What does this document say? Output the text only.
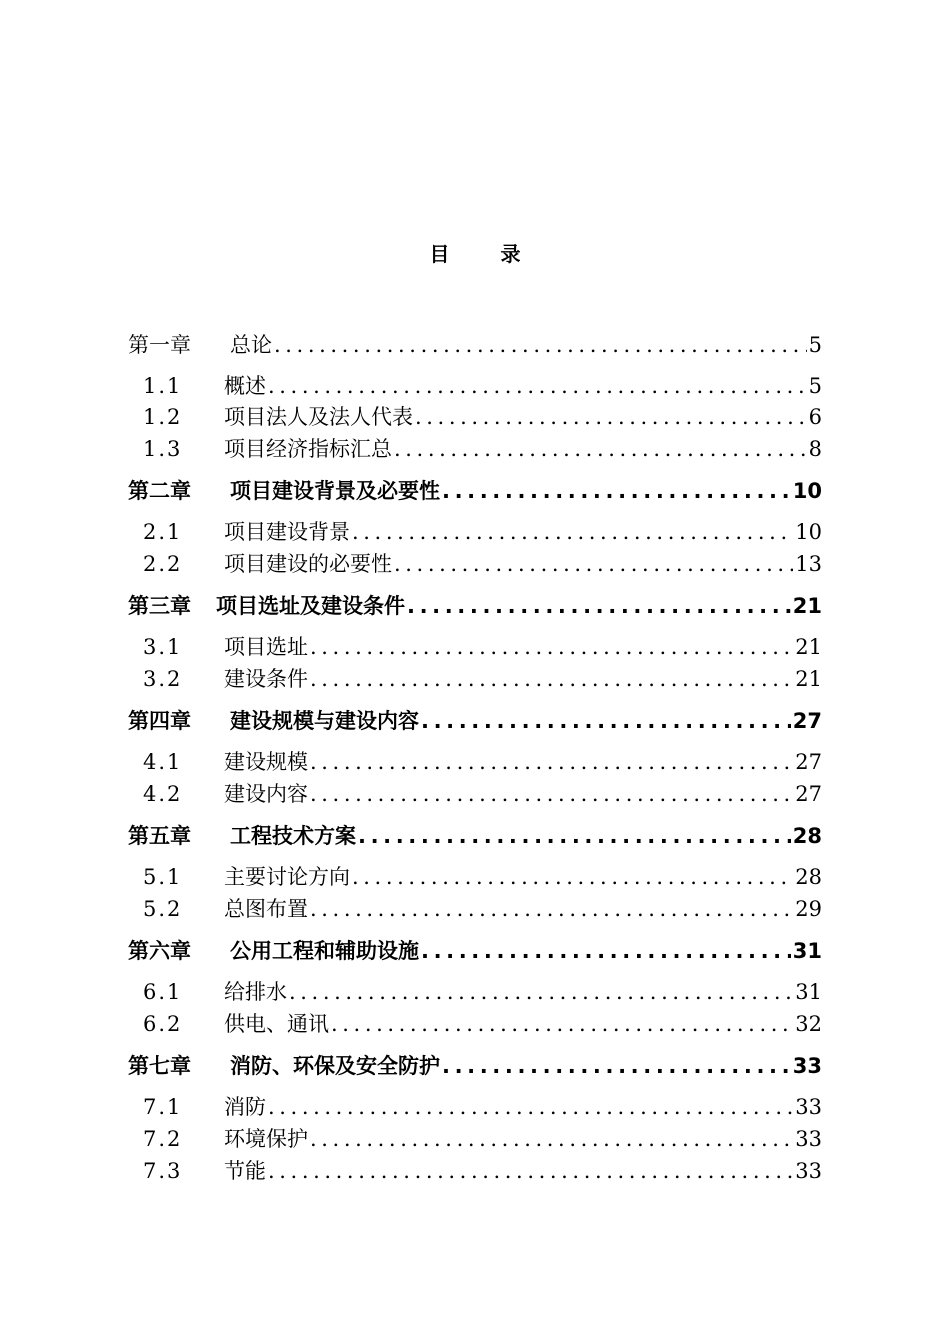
目 录
第一章	总论 .....	5
1.1	概述 .....	5
1.2	项目法人及法人代表 .....	6
1.3	项目经济指标汇总 .....	8
第二章	项目建设背景及必要性 .....	10
2.1	项目建设背景 .....	10
2.2	项目建设的必要性 .....	13
第三章	项目选址及建设条件 .....	21
3.1	项目选址 .....	21
3.2	建设条件 .....	21
第四章	建设规模与建设内容 .....	27
4.1	建设规模 .....	27
4.2	建设内容 .....	27
第五章	工程技术方案 .....	28
5.1	主要讨论方向 .....	28
5.2	总图布置 .....	29
第六章	公用工程和辅助设施 .....	31
6.1	给排水 .....	31
6.2	供电、通讯 .....	32
第七章	消防、环保及安全防护 .....	33
7.1	消防 .....	33
7.2	环境保护 .....	33
7.3	节能 .....	33
